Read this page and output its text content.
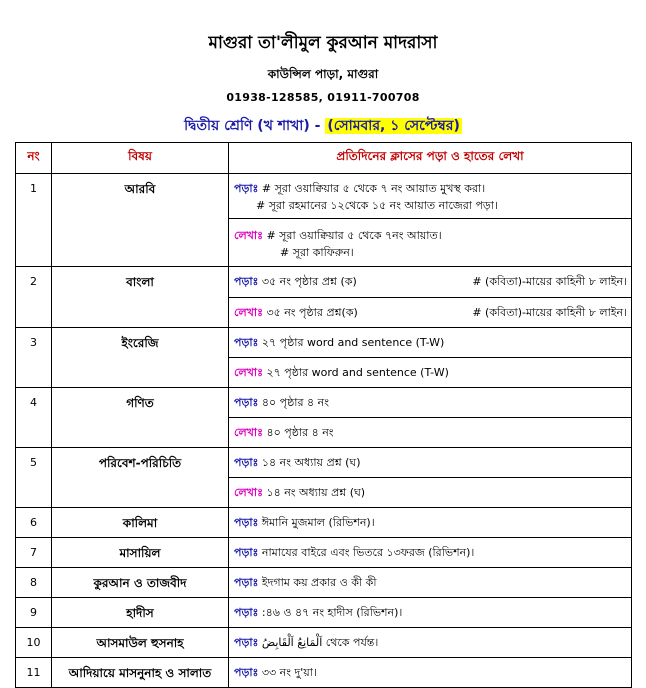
মাগুরা তা'লীমুল কুরআন মাদরাসা
কাউন্সিল পাড়া, মাগুরা
01938-128585, 01911-700708
দ্বিতীয় শ্রেণি (খ শাখা) - (সোমবার, ১ সেপ্টেম্বর)
নং	বিষয়	প্রতিদিনের ক্লাসের পড়া ও হাতের লেখা

1	আরবি	পড়াঃ # সূরা ওয়াক্বিয়ার ৫ থেকে ৭ নং আয়াত মুখস্থ করা।
# সূরা রহমানের ১২থেকে ১৫ নং আয়াত নাজেরা পড়া।

		লেখাঃ # সূরা ওয়াক্বিয়ার ৫ থেকে ৭নং আয়াত।
# সূরা কাফিরুন।

2	বাংলা	পড়াঃ ৩৫ নং পৃষ্ঠার প্রশ্ন (ক) # (কবিতা)-মায়ের কাহিনী ৮ লাইন।

		লেখাঃ ৩৫ নং পৃষ্ঠার প্রশ্ন(ক) # (কবিতা)-মায়ের কাহিনী ৮ লাইন।

3	ইংরেজি	পড়াঃ ২৭ পৃষ্ঠার word and sentence (T-W)

		লেখাঃ ২৭ পৃষ্ঠার word and sentence (T-W)

4	গণিত	পড়াঃ ৪০ পৃষ্ঠার ৪ নং

		লেখাঃ ৪০ পৃষ্ঠার ৪ নং

5	পরিবেশ-পরিচিতি	পড়াঃ ১৪ নং অধ্যায় প্রশ্ন (ঘ)

		লেখাঃ ১৪ নং অধ্যায় প্রশ্ন (ঘ)

6	কালিমা	পড়াঃ ঈমানি মুজমাল (রিভিশন)।

7	মাসায়িল	পড়াঃ নামাযের বাইরে এবং ভিতরে ১৩ফরজ (রিভিশন)।

8	কুরআন ও তাজবীদ	পড়াঃ ইদগাম কয় প্রকার ও কী কী

9	হাদীস	পড়াঃ :৪৬ ও ৪৭ নং হাদীস (রিভিশন)।

10	আসমাউল হুসনাহ	পড়াঃ اَلْمَانِعُ اَلْقَابِضُ থেকে পর্যন্ত।

11	আদিয়ায়ে মাসনুনাহ ও সালাত	পড়াঃ ৩৩ নং দু'য়া।
